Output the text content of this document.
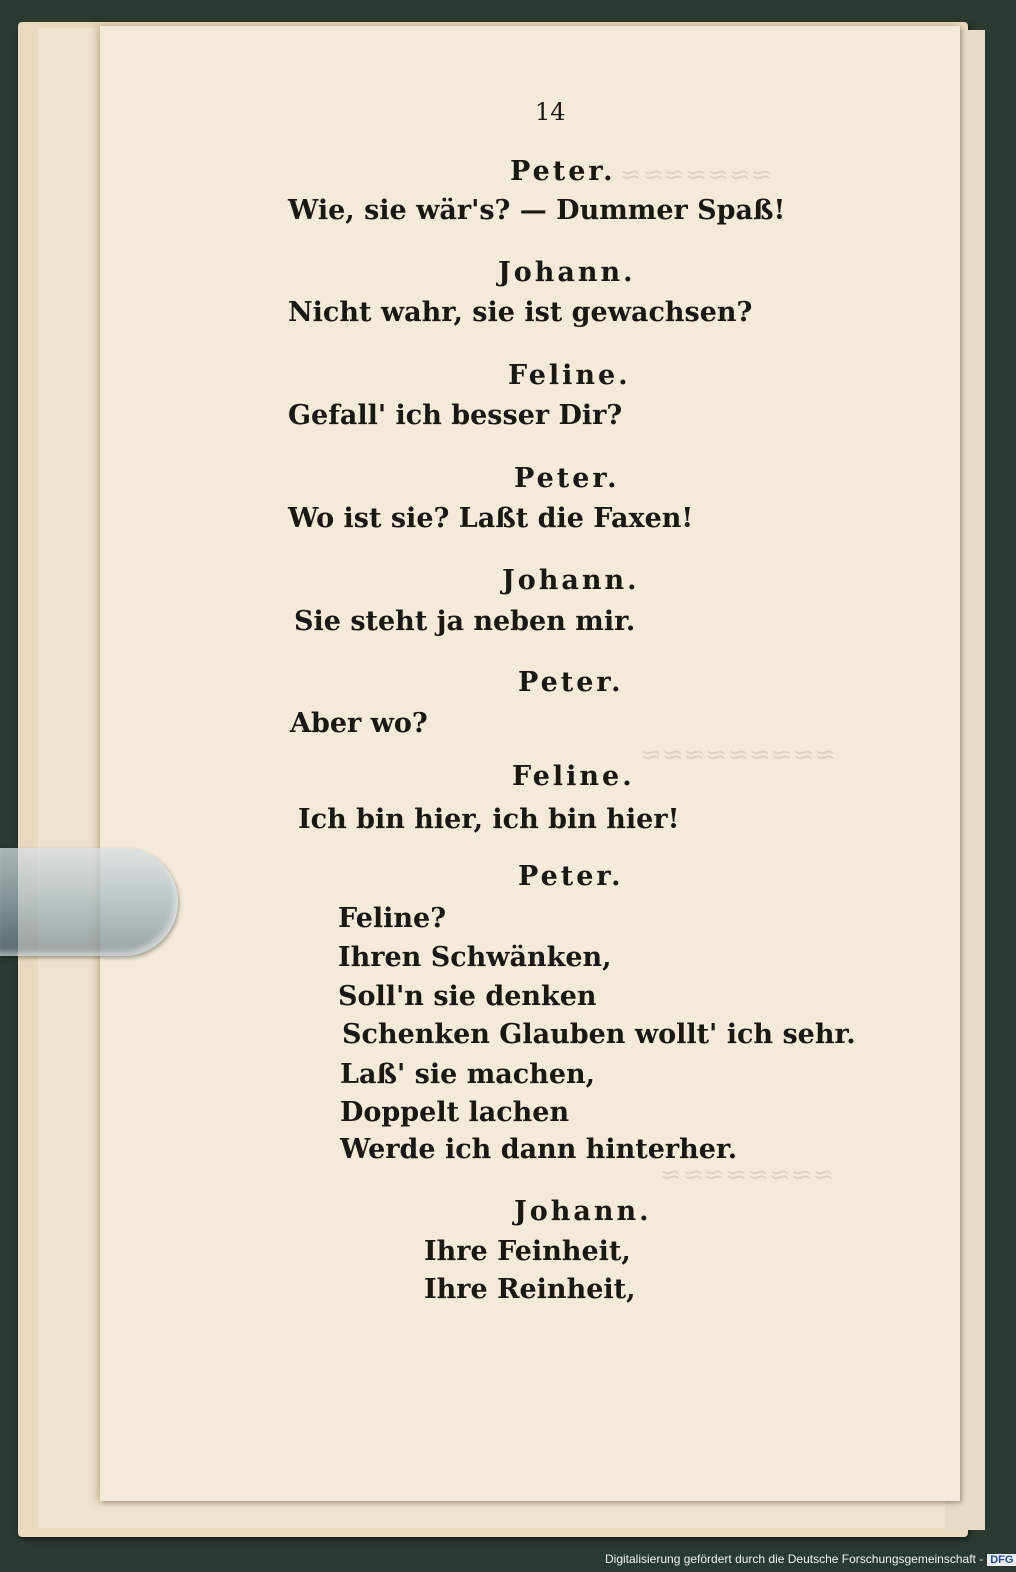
≈≈≈≈≈≈≈
≈≈≈≈≈≈≈≈≈
≈≈≈≈≈≈≈≈
14
Peter.
Wie, sie wär's? — Dummer Spaß!
Johann.
Nicht wahr, sie ist gewachsen?
Feline.
Gefall' ich besser Dir?
Peter.
Wo ist sie? Laßt die Faxen!
Johann.
Sie steht ja neben mir.
Peter.
Aber wo?
Feline.
Ich bin hier, ich bin hier!
Peter.
Feline?
Ihren Schwänken,
Soll'n sie denken
Schenken Glauben wollt' ich sehr.
Laß' sie machen,
Doppelt lachen
Werde ich dann hinterher.
Johann.
Ihre Feinheit,
Ihre Reinheit,
Digitalisierung gefördert durch die Deutsche Forschungsgemeinschaft - DFG
